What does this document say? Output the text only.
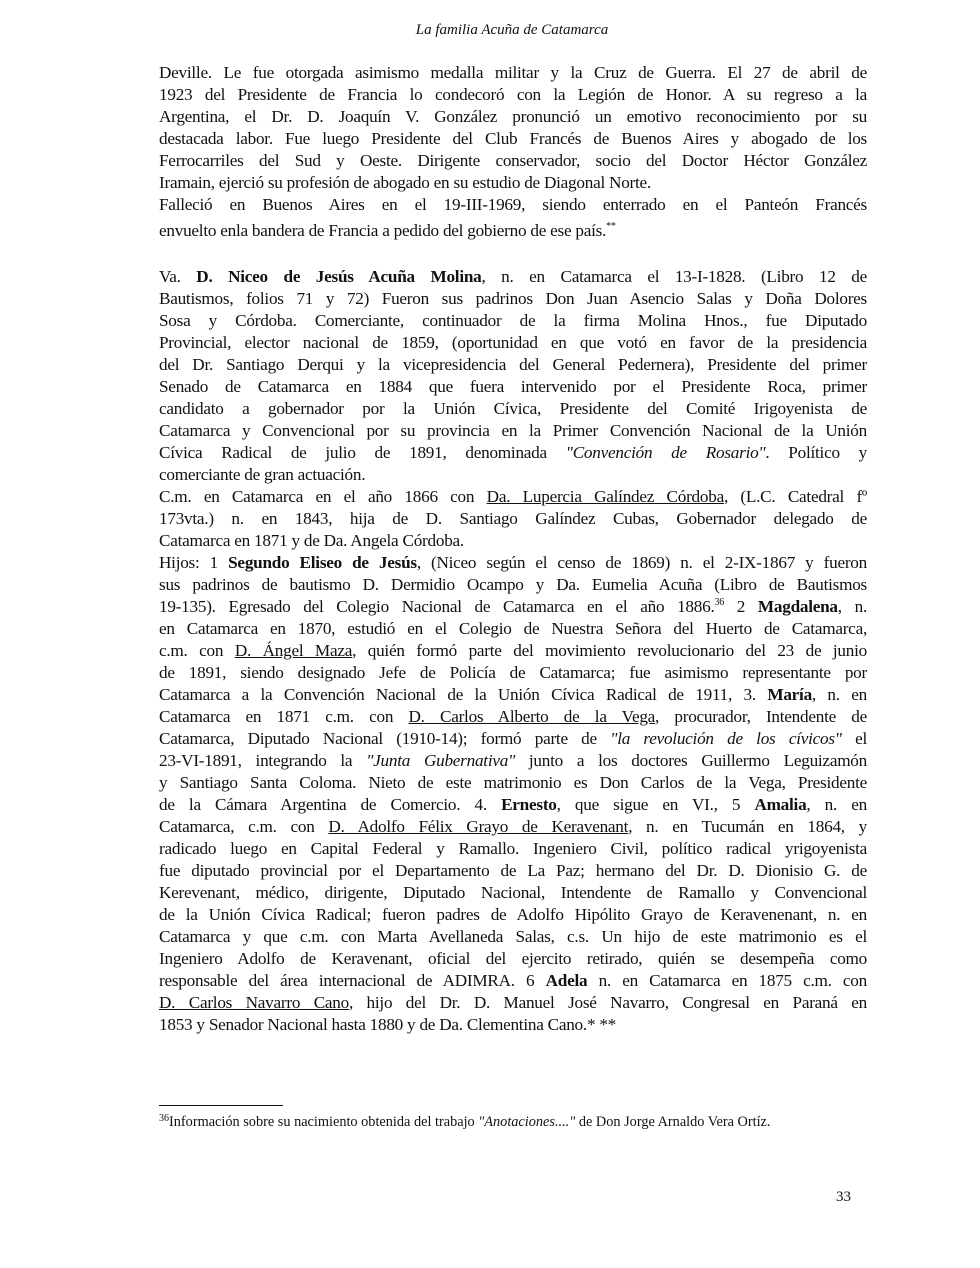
La familia Acuña de Catamarca
Deville. Le fue otorgada asimismo medalla militar y la Cruz de Guerra. El 27 de abril de
1923 del Presidente de Francia lo condecoró con la Legión de Honor. A su regreso a la
Argentina, el Dr. D. Joaquín V. González pronunció un emotivo reconocimiento por su
destacada labor. Fue luego Presidente del Club Francés de Buenos Aires y abogado de los
Ferrocarriles del Sud y Oeste. Dirigente conservador, socio del Doctor Héctor González
Iramain, ejerció su profesión de abogado en su estudio de Diagonal Norte.
Falleció en Buenos Aires en el 19-III-1969, siendo enterrado en el Panteón Francés
envuelto enla bandera de Francia a pedido del gobierno de ese país.**
Va. D. Niceo de Jesús Acuña Molina, n. en Catamarca el 13-I-1828. (Libro 12 de
Bautismos, folios 71 y 72) Fueron sus padrinos Don Juan Asencio Salas y Doña Dolores
Sosa y Córdoba. Comerciante, continuador de la firma Molina Hnos., fue Diputado
Provincial, elector nacional de 1859, (oportunidad en que votó en favor de la presidencia
del Dr. Santiago Derqui y la vicepresidencia del General Pedernera), Presidente del primer
Senado de Catamarca en 1884 que fuera intervenido por el Presidente Roca, primer
candidato a gobernador por la Unión Cívica, Presidente del Comité Irigoyenista de
Catamarca y Convencional por su provincia en la Primer Convención Nacional de la Unión
Cívica Radical de julio de 1891, denominada "Convención de Rosario". Político y
comerciante de gran actuación.
C.m. en Catamarca en el año 1866 con Da. Lupercia Galíndez Córdoba, (L.C. Catedral fº
173vta.) n. en 1843, hija de D. Santiago Galíndez Cubas, Gobernador delegado de
Catamarca en 1871 y de Da. Angela Córdoba.
Hijos: 1 Segundo Eliseo de Jesús, (Niceo según el censo de 1869) n. el 2-IX-1867 y fueron
sus padrinos de bautismo D. Dermidio Ocampo y Da. Eumelia Acuña (Libro de Bautismos
19-135). Egresado del Colegio Nacional de Catamarca en el año 1886.36 2 Magdalena, n.
en Catamarca en 1870, estudió en el Colegio de Nuestra Señora del Huerto de Catamarca,
c.m. con D. Ángel Maza, quién formó parte del movimiento revolucionario del 23 de junio
de 1891, siendo designado Jefe de Policía de Catamarca; fue asimismo representante por
Catamarca a la Convención Nacional de la Unión Cívica Radical de 1911, 3. María, n. en
Catamarca en 1871 c.m. con D. Carlos Alberto de la Vega, procurador, Intendente de
Catamarca, Diputado Nacional (1910-14); formó parte de "la revolución de los cívicos" el
23-VI-1891, integrando la "Junta Gubernativa" junto a los doctores Guillermo Leguizamón
y Santiago Santa Coloma. Nieto de este matrimonio es Don Carlos de la Vega, Presidente
de la Cámara Argentina de Comercio. 4. Ernesto, que sigue en VI., 5 Amalia, n. en
Catamarca, c.m. con D. Adolfo Félix Grayo de Keravenant, n. en Tucumán en 1864, y
radicado luego en Capital Federal y Ramallo. Ingeniero Civil, político radical yrigoyenista
fue diputado provincial por el Departamento de La Paz; hermano del Dr. D. Dionisio G. de
Kerevenant, médico, dirigente, Diputado Nacional, Intendente de Ramallo y Convencional
de la Unión Cívica Radical; fueron padres de Adolfo Hipólito Grayo de Keravenenant, n. en
Catamarca y que c.m. con Marta Avellaneda Salas, c.s. Un hijo de este matrimonio es el
Ingeniero Adolfo de Keravenant, oficial del ejercito retirado, quién se desempeña como
responsable del área internacional de ADIMRA. 6 Adela n. en Catamarca en 1875 c.m. con
D. Carlos Navarro Cano, hijo del Dr. D. Manuel José Navarro, Congresal en Paraná en
1853 y Senador Nacional hasta 1880 y de Da. Clementina Cano.* **
$^{36}$Información sobre su nacimiento obtenida del trabajo "Anotaciones...." de Don Jorge Arnaldo Vera Ortíz.
33
